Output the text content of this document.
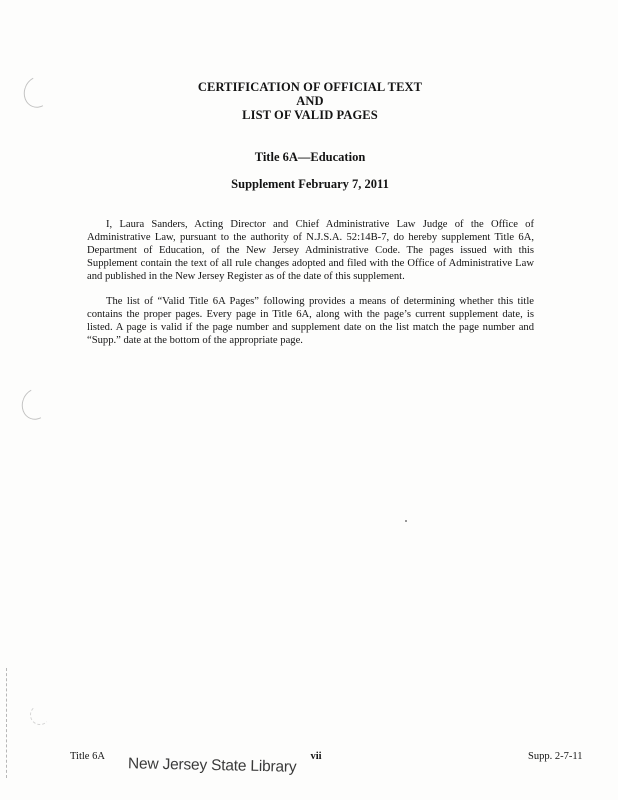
CERTIFICATION OF OFFICIAL TEXT
AND
LIST OF VALID PAGES
Title 6A—Education
Supplement February 7, 2011

I, Laura Sanders, Acting Director and Chief Administrative Law Judge of the Office of Administrative Law, pursuant to the authority of N.J.S.A. 52:14B-7, do hereby supplement Title 6A, Department of Education, of the New Jersey Administrative Code. The pages issued with this Supplement contain the text of all rule changes adopted and filed with the Office of Administrative Law and published in the New Jersey Register as of the date of this supplement.

The list of “Valid Title 6A Pages” following provides a means of determining whether this title contains the proper pages. Every page in Title 6A, along with the page’s current supplement date, is listed. A page is valid if the page number and supplement date on the list match the page number and “Supp.” date at the bottom of the appropriate page.

Title 6A	vii	Supp. 2-7-11
New Jersey State Library
